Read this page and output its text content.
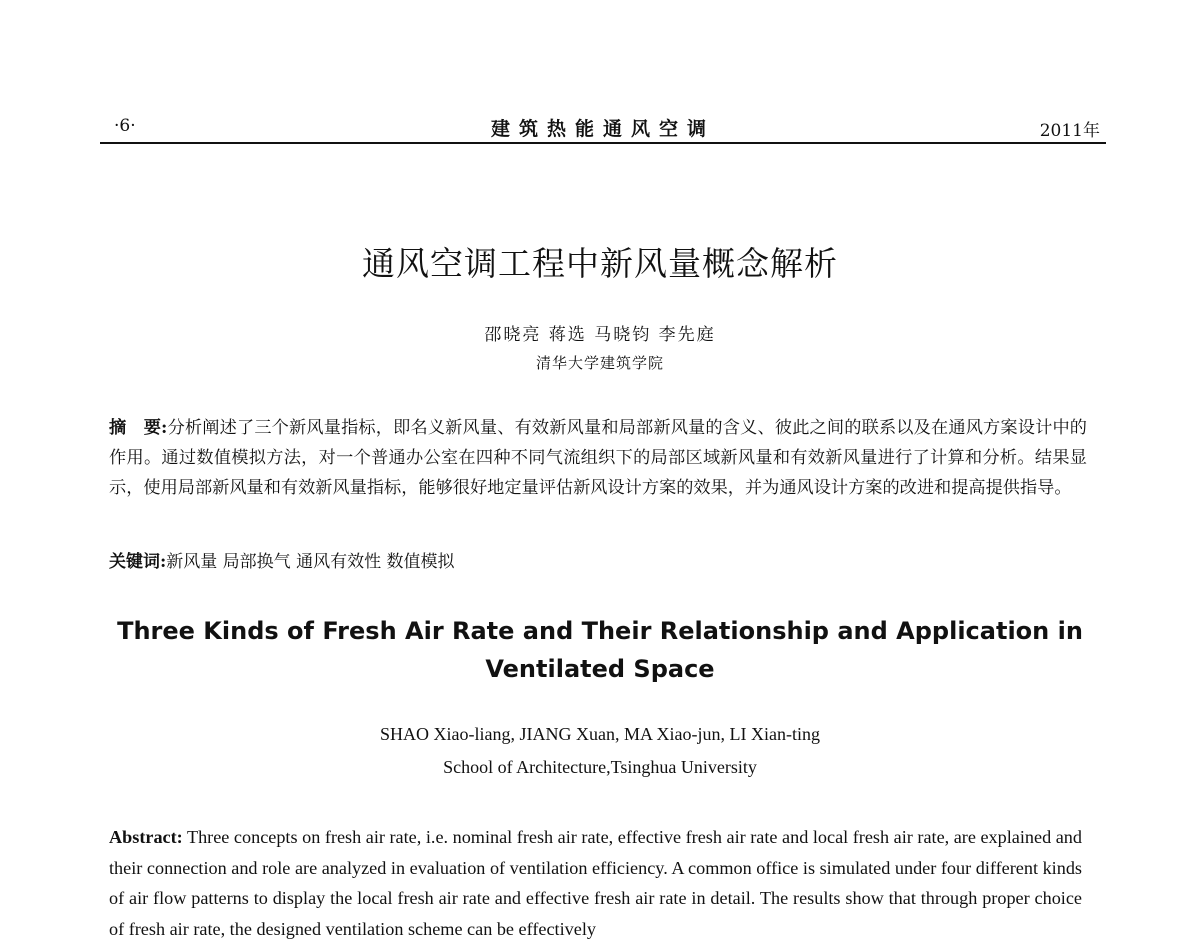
·6·	建筑热能通风空调	2011年
通风空调工程中新风量概念解析
邵晓亮 蒋选 马晓钧 李先庭
清华大学建筑学院
摘　要:分析阐述了三个新风量指标，即名义新风量、有效新风量和局部新风量的含义、彼此之间的联系以及在通风方案设计中的作用。通过数值模拟方法，对一个普通办公室在四种不同气流组织下的局部区域新风量和有效新风量进行了计算和分析。结果显示，使用局部新风量和有效新风量指标，能够很好地定量评估新风设计方案的效果，并为通风设计方案的改进和提高提供指导。
关键词:新风量 局部换气 通风有效性 数值模拟
Three Kinds of Fresh Air Rate and Their Relationship and Application in Ventilated Space
SHAO Xiao-liang, JIANG Xuan, MA Xiao-jun, LI Xian-ting
School of Architecture,Tsinghua University
Abstract: Three concepts on fresh air rate, i.e. nominal fresh air rate, effective fresh air rate and local fresh air rate, are explained and their connection and role are analyzed in evaluation of ventilation efficiency. A common office is simulated under four different kinds of air flow patterns to display the local fresh air rate and effective fresh air rate in detail. The results show that through proper choice of fresh air rate, the designed ventilation scheme can be effectively
